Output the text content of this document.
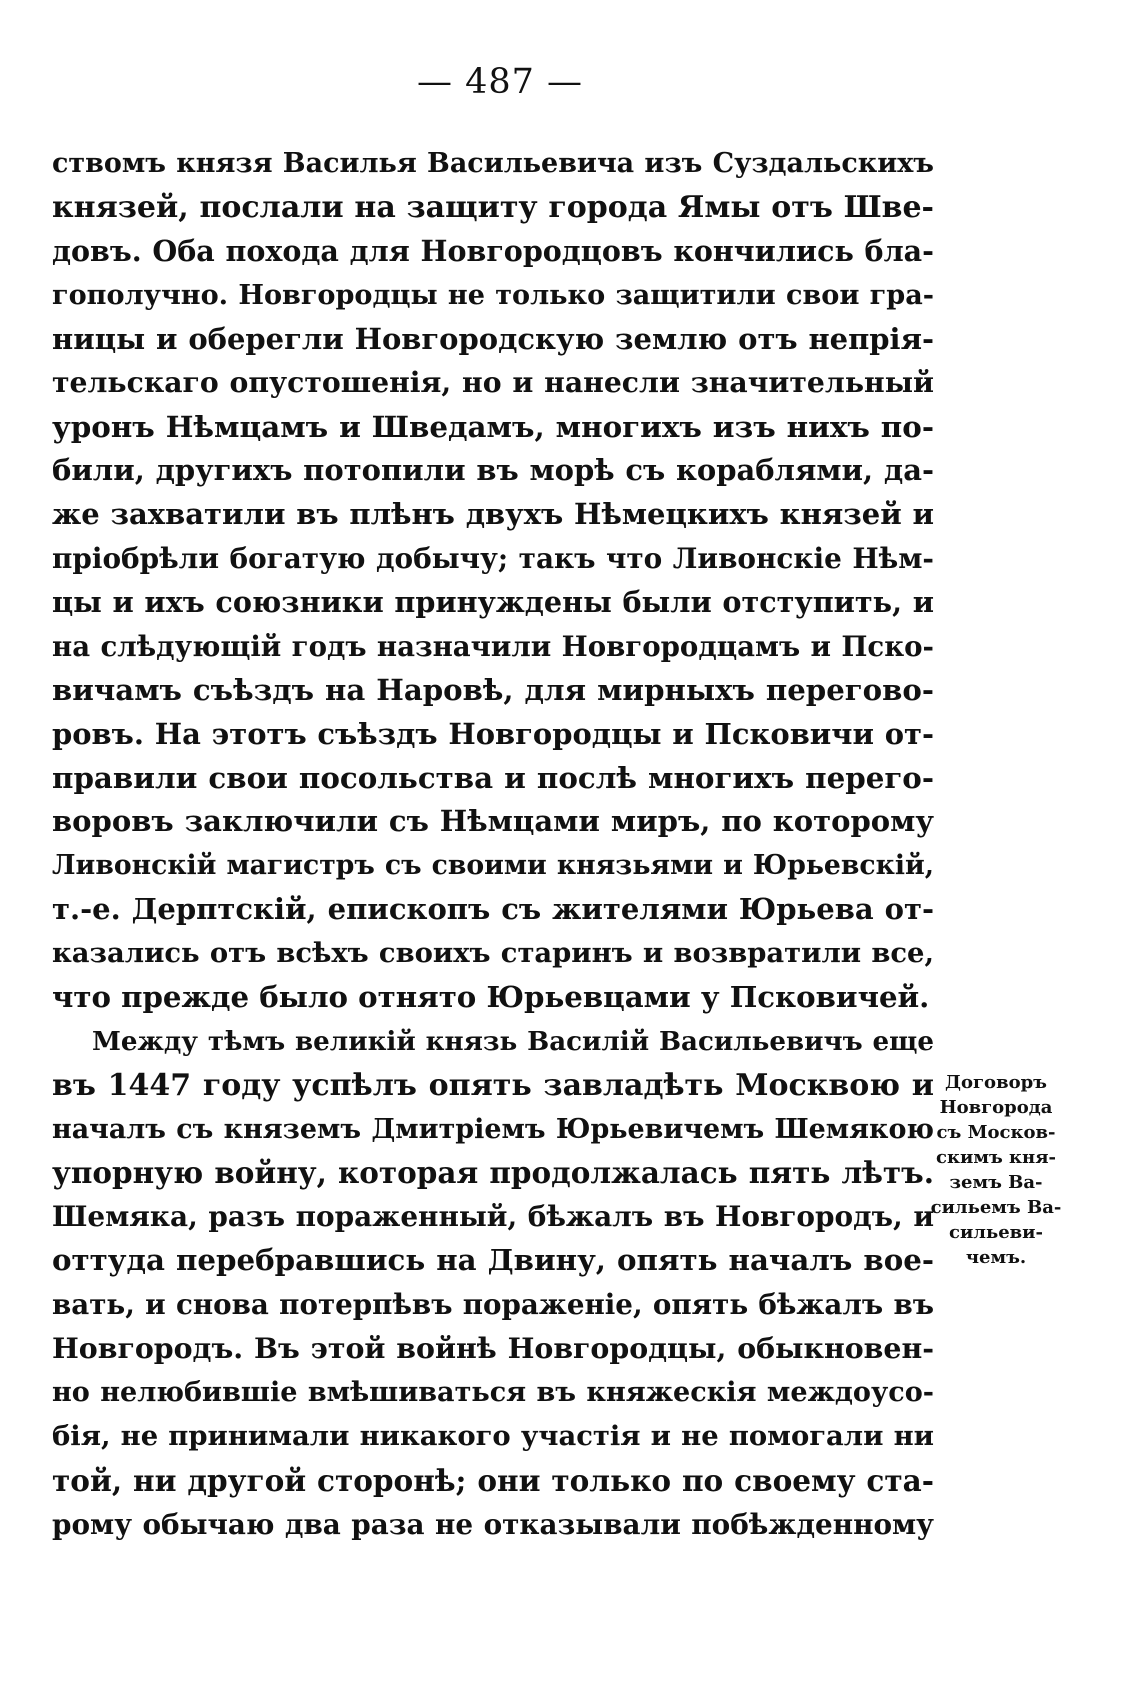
— 487 —
ствомъ князя Василья Васильевича изъ Суздальскихъ
князей, послали на защиту города Ямы отъ Шве-
довъ. Оба похода для Новгородцовъ кончились бла-
гополучно. Новгородцы не только защитили свои гра-
ницы и оберегли Новгородскую землю отъ непрiя-
тельскаго опустошенiя, но и нанесли значительный
уронъ Нѣмцамъ и Шведамъ, многихъ изъ нихъ по-
били, другихъ потопили въ морѣ съ кораблями, да-
же захватили въ плѣнъ двухъ Нѣмецкихъ князей и
прiобрѣли богатую добычу; такъ что Ливонскiе Нѣм-
цы и ихъ союзники принуждены были отступить, и
на слѣдующiй годъ назначили Новгородцамъ и Пско-
вичамъ съѣздъ на Наровѣ, для мирныхъ перегово-
ровъ. На этотъ съѣздъ Новгородцы и Псковичи от-
правили свои посольства и послѣ многихъ перего-
воровъ заключили съ Нѣмцами миръ, по которому
Ливонскiй магистръ съ своими князьями и Юрьевскiй,
т.-е. Дерптскiй, епископъ съ жителями Юрьева от-
казались отъ всѣхъ своихъ старинъ и возвратили все,
что прежде было отнято Юрьевцами у Псковичей.
Между тѣмъ великiй князь Василiй Васильевичъ еще
въ 1447 году успѣлъ опять завладѣть Москвою и
началъ съ княземъ Дмитрiемъ Юрьевичемъ Шемякою
упорную войну, которая продолжалась пять лѣтъ.
Шемяка, разъ пораженный, бѣжалъ въ Новгородъ, и
оттуда перебравшись на Двину, опять началъ вое-
вать, и снова потерпѣвъ пораженiе, опять бѣжалъ въ
Новгородъ. Въ этой войнѣ Новгородцы, обыкновен-
но нелюбившiе вмѣшиваться въ княжескiя междоусо-
бiя, не принимали никакого участiя и не помогали ни
той, ни другой сторонѣ; они только по своему ста-
рому обычаю два раза не отказывали побѣжденному
Договоръ
Новгорода
съ Москов-
скимъ кня-
земъ Ва-
сильемъ Ва-
сильеви-
чемъ.
